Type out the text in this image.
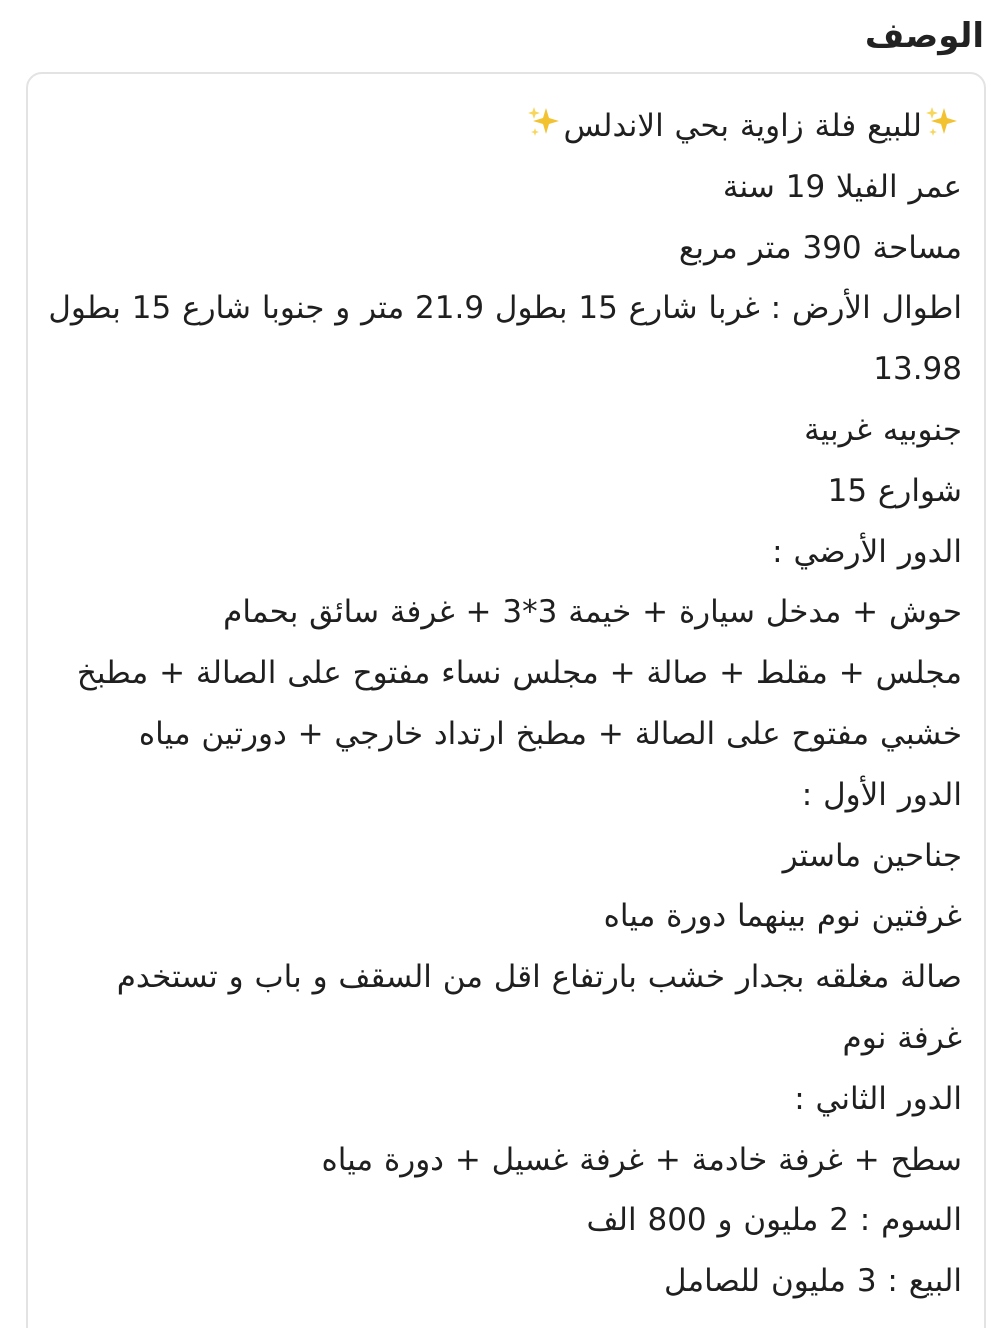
الوصف
للبيع فلة زاوية بحي الاندلس
عمر الفيلا 19 سنة
مساحة 390 متر مربع
اطوال الأرض : غربا شارع 15 بطول 21.9 متر و جنوبا شارع 15 بطول 13.98
جنوبيه غربية
شوارع 15
الدور الأرضي :
حوش + مدخل سيارة + خيمة 3*3 + غرفة سائق بحمام
مجلس + مقلط + صالة + مجلس نساء مفتوح على الصالة + مطبخ خشبي مفتوح على الصالة + مطبخ ارتداد خارجي + دورتين مياه
الدور الأول :
جناحين ماستر
غرفتين نوم بينهما دورة مياه
صالة مغلقه بجدار خشب بارتفاع اقل من السقف و باب و تستخدم غرفة نوم
الدور الثاني :
سطح + غرفة خادمة + غرفة غسيل + دورة مياه
السوم : 2 مليون و 800 الف
البيع : 3 مليون للصامل
